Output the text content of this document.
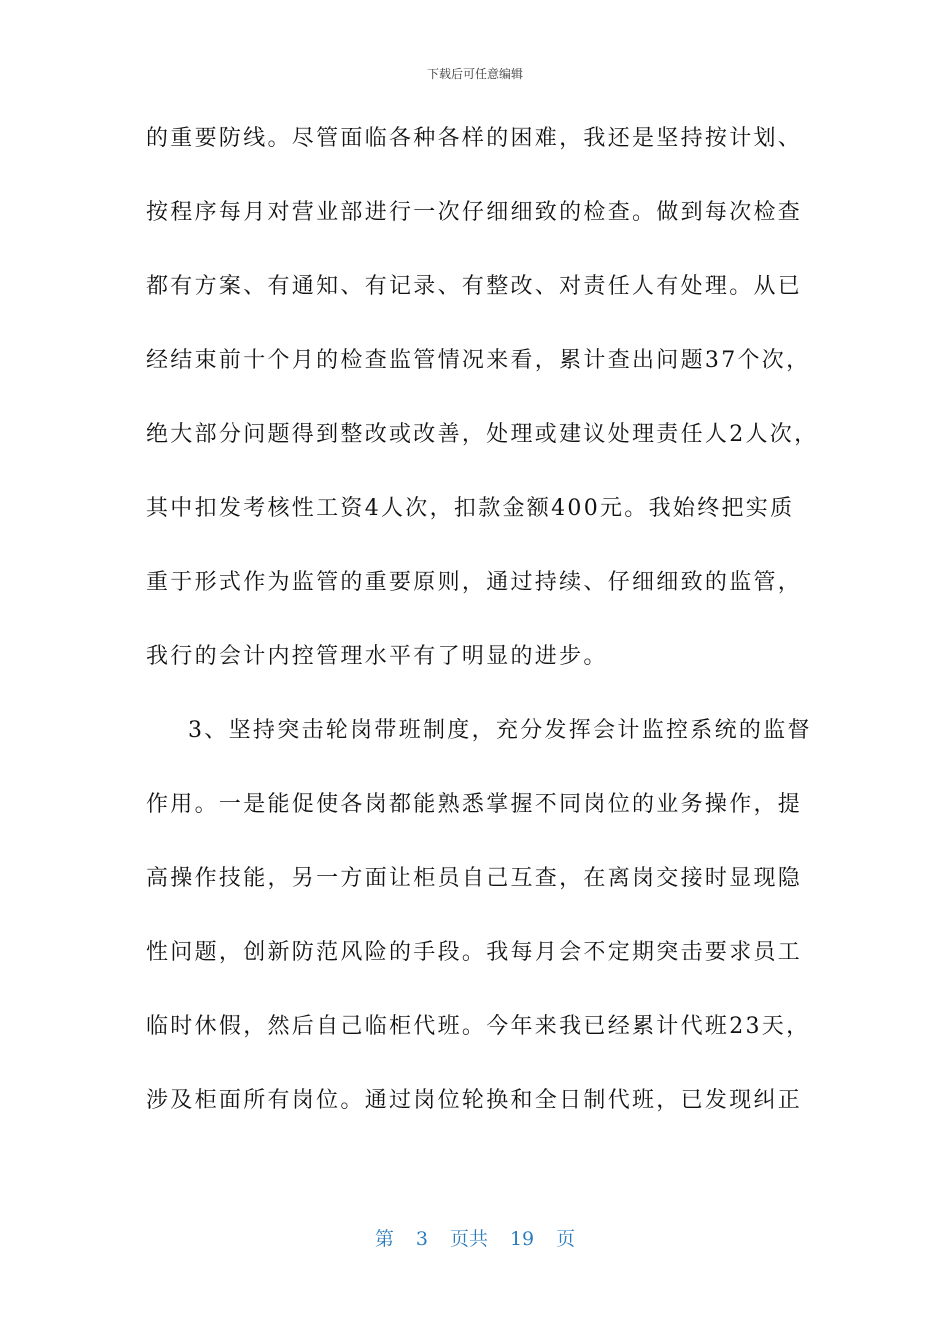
下载后可任意编辑
的重要防线。尽管面临各种各样的困难，我还是坚持按计划、
按程序每月对营业部进行一次仔细细致的检查。做到每次检查
都有方案、有通知、有记录、有整改、对责任人有处理。从已
经结束前十个月的检查监管情况来看，累计查出问题37个次，
绝大部分问题得到整改或改善，处理或建议处理责任人2人次，
其中扣发考核性工资4人次，扣款金额400元。我始终把实质
重于形式作为监管的重要原则，通过持续、仔细细致的监管，
我行的会计内控管理水平有了明显的进步。
3、坚持突击轮岗带班制度，充分发挥会计监控系统的监督
作用。一是能促使各岗都能熟悉掌握不同岗位的业务操作，提
高操作技能，另一方面让柜员自己互查，在离岗交接时显现隐
性问题，创新防范风险的手段。我每月会不定期突击要求员工
临时休假，然后自己临柜代班。今年来我已经累计代班23天，
涉及柜面所有岗位。通过岗位轮换和全日制代班，已发现纠正
第 3 页共 19 页
